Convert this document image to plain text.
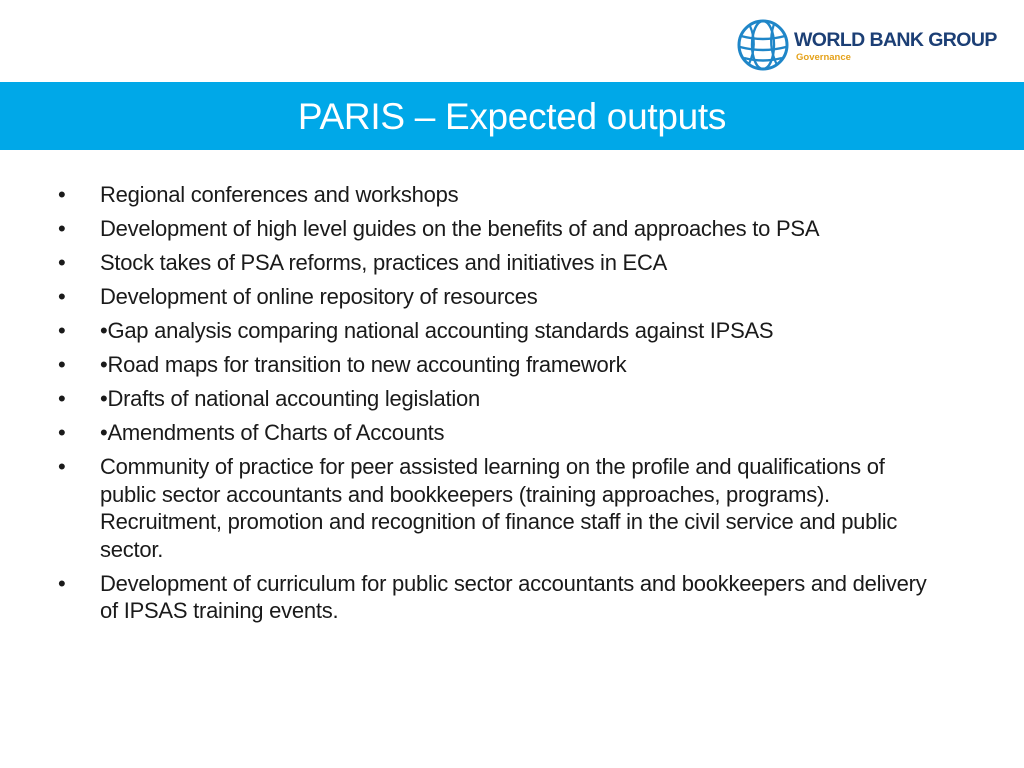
WORLD BANK GROUP
Governance
PARIS – Expected outputs
• Regional conferences and workshops
• Development of high level guides on the benefits of and approaches to PSA
• Stock takes of PSA reforms, practices and initiatives in ECA
• Development of online repository of resources
• •Gap analysis comparing national accounting standards against IPSAS
• •Road maps for transition to new accounting framework
• •Drafts of national accounting legislation
• •Amendments of Charts of Accounts
• Community of practice for peer assisted learning on the profile and qualifications of public sector accountants and bookkeepers (training approaches, programs). Recruitment, promotion and recognition of finance staff in the civil service and public sector.
• Development of curriculum for public sector accountants and bookkeepers and delivery of IPSAS training events.
